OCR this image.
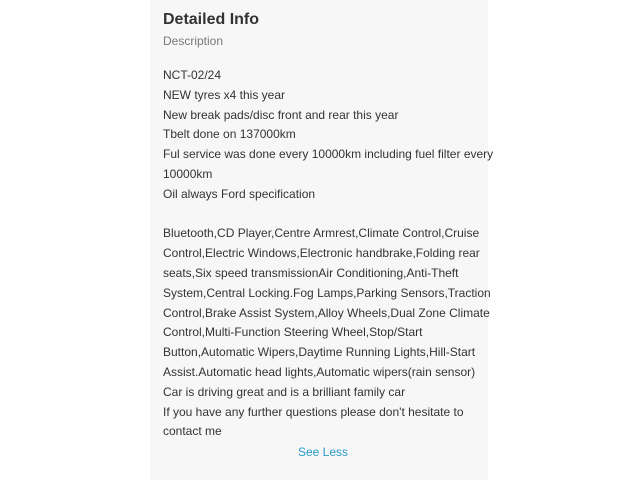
Detailed Info
Description
NCT-02/24
NEW tyres x4 this year
New break pads/disc front and rear this year
Tbelt done on 137000km
Ful service was done every 10000km including fuel filter every
10000km
Oil always Ford specification
Bluetooth,CD Player,Centre Armrest,Climate Control,Cruise
Control,Electric Windows,Electronic handbrake,Folding rear
seats,Six speed transmissionAir Conditioning,Anti-Theft
System,Central Locking.Fog Lamps,Parking Sensors,Traction
Control,Brake Assist System,Alloy Wheels,Dual Zone Climate
Control,Multi-Function Steering Wheel,Stop/Start
Button,Automatic Wipers,Daytime Running Lights,Hill-Start
Assist.Automatic head lights,Automatic wipers(rain sensor)
Car is driving great and is a brilliant family car
If you have any further questions please don't hesitate to
contact me
See Less
